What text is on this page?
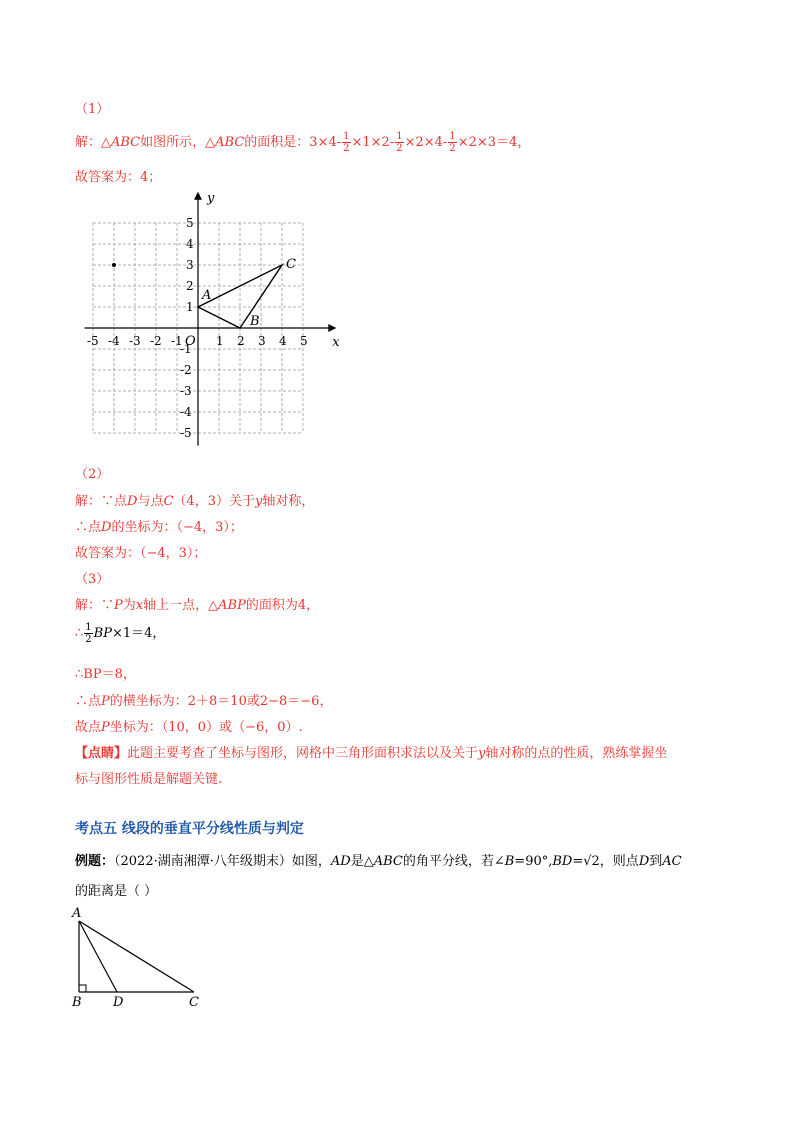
（1）
解：△ABC如图所示，△ABC的面积是：$3\times 4- \frac{1}{2} \times 1\times 2- \frac{1}{2} \times 2\times 4- \frac{1}{2} \times 2\times 3=4$，
故答案为：4；
-5 -4 -3 -2 -1	1 2 3 4 5
5
4
3
2
1
-1
-2
-3
-4
-5
A
B
C
x
y
O
（2）
解：∵点D与点C（4，3）关于y轴对称，
∴点D的坐标为：（−4，3）；
故答案为：（−4，3）；
（3）
解：∵P为x轴上一点，△ABP的面积为4，
∴ $\frac{1}{2} BP\times 1=4$，
∴BP＝8，
∴点P的横坐标为：2＋8＝10或2−8＝−6，
故点P坐标为：（10，0）或（−6，0）.
【点睛】此题主要考查了坐标与图形，网格中三角形面积求法以及关于y轴对称的点的性质，熟练掌握坐
标与图形性质是解题关键.
考点五 线段的垂直平分线性质与判定
例题：（2022·湖南湘潭·八年级期末）如图，AD是△ABC的角平分线，若∠B=90°,BD=√2，则点D到AC
的距离是（ ）
A
B D	C
